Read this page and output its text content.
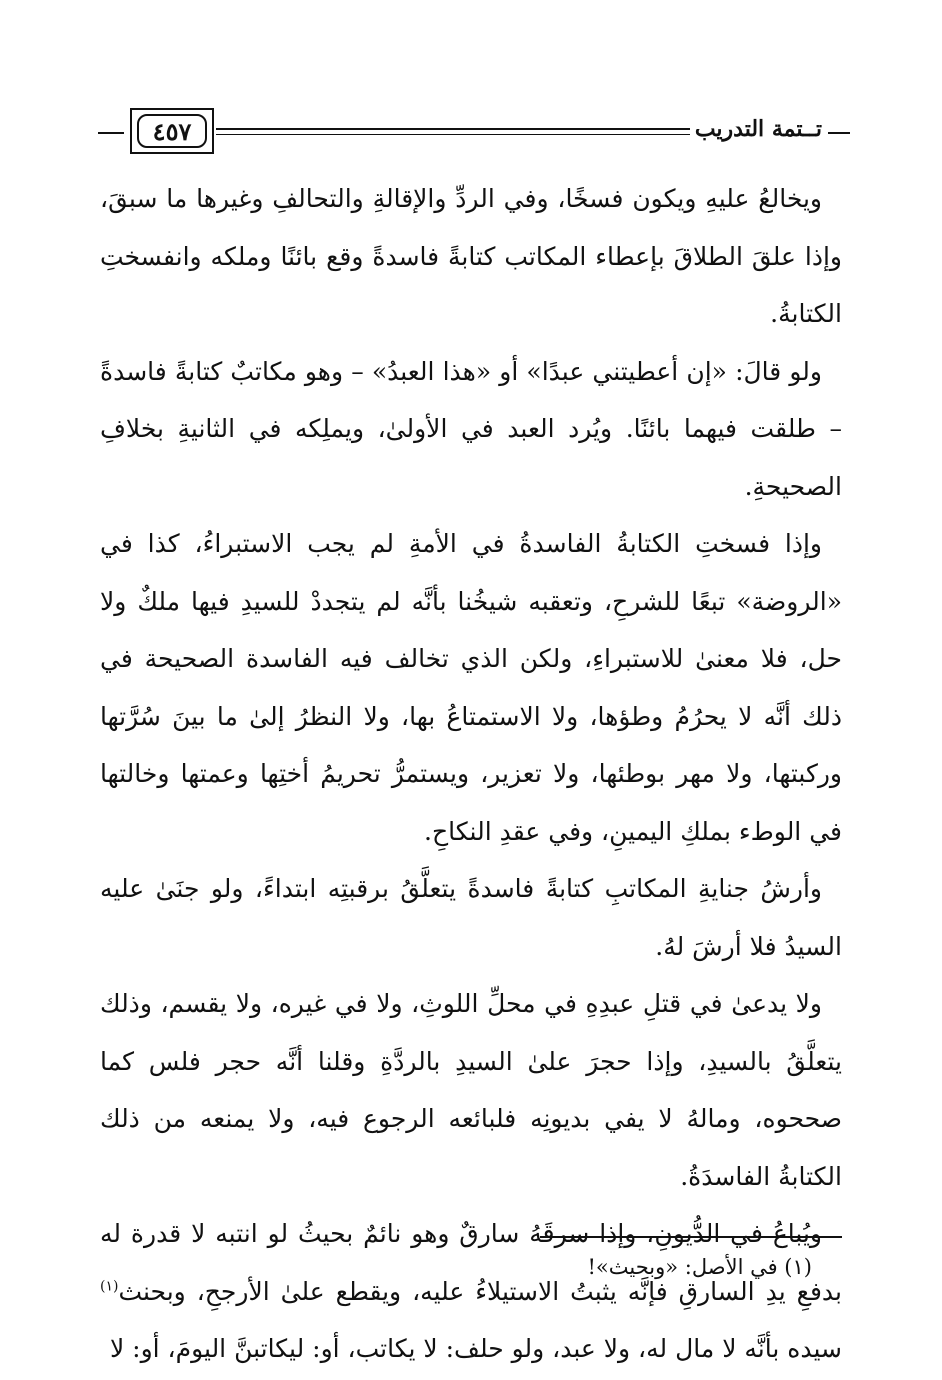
٤٥٧	تــتمة التدريب

ويخالعُ عليهِ ويكون فسخًا، وفي الردِّ والإقالةِ والتحالفِ وغيرها ما سبقَ، وإذا علقَ الطلاقَ بإعطاء المكاتب كتابةً فاسدةً وقع بائنًا وملكه وانفسختِ الكتابةُ.

ولو قالَ: «إن أعطيتني عبدًا» أو «هذا العبدُ» – وهو مكاتبٌ كتابةً فاسدةً – طلقت فيهما بائنًا. ويُرد العبد في الأولىٰ، ويملِكه في الثانيةِ بخلافِ الصحيحةِ.

وإذا فسختِ الكتابةُ الفاسدةُ في الأمةِ لم يجب الاستبراءُ، كذا في «الروضة» تبعًا للشرحِ، وتعقبه شيخُنا بأنَّه لم يتجددْ للسيدِ فيها ملكٌ ولا حل، فلا معنىٰ للاستبراءِ، ولكن الذي تخالف فيه الفاسدة الصحيحة في ذلك أنَّه لا يحرُمُ وطؤها، ولا الاستمتاعُ بها، ولا النظرُ إلىٰ ما بينَ سُرَّتها وركبتها، ولا مهر بوطئها، ولا تعزير، ويستمرُّ تحريمُ أختِها وعمتها وخالتها في الوطء بملكِ اليمينِ، وفي عقدِ النكاحِ.

وأرشُ جنايةِ المكاتبِ كتابةً فاسدةً يتعلَّقُ برقبتِه ابتداءً، ولو جنَىٰ عليه السيدُ فلا أرشَ لهُ.

ولا يدعىٰ في قتلِ عبدِهِ في محلِّ اللوثِ، ولا في غيره، ولا يقسم، وذلك يتعلَّقُ بالسيدِ، وإذا حجرَ علىٰ السيدِ بالردَّةِ وقلنا أنَّه حجر فلس كما صححوه، ومالهُ لا يفي بديونِه فلبائعه الرجوع فيه، ولا يمنعه من ذلك الكتابةُ الفاسدَةُ.

ويُباعُ في الدُّيونِ، وإذا سرقَهُ سارقٌ وهو نائمٌ بحيثُ لو انتبه لا قدرة له بدفعِ يدِ السارقِ فإنَّه يثبتُ الاستيلاءُ عليه، ويقطع علىٰ الأرجحِ، وبحنث$^{(١)}$ سيده بأنَّه لا مال له، ولا عبد، ولو حلف: لا يكاتب، أو: ليكاتبنَّ اليومَ، أو: لا

(١) في الأصل: «وبحيث»!
